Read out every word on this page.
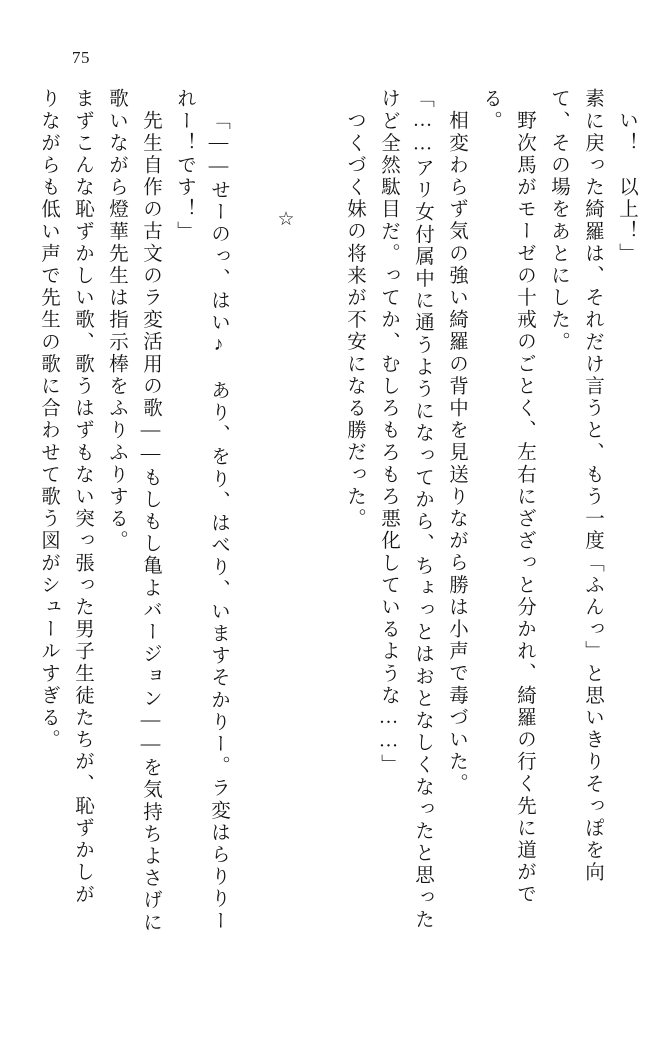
75
い！　以上！」
素に戻った綺羅は、それだけ言うと、もう一度「ふんっ」と思いきりそっぽを向
て、その場をあとにした。
野次馬がモーゼの十戒のごとく、左右にざざっと分かれ、綺羅の行く先に道がで
る。
相変わらず気の強い綺羅の背中を見送りながら勝は小声で毒づいた。
「……アリ女付属中に通うようになってから、ちょっとはおとなしくなったと思った
けど全然駄目だ。ってか、むしろもろもろ悪化しているような……」
つくづく妹の将来が不安になる勝だった。
☆
「――せーのっ、はい♪　あり、をり、はべり、いますそかりー。ラ変はらりりー
れー！です！」
先生自作の古文のラ変活用の歌――もしもし亀よバージョン――を気持ちよさげに
歌いながら燈華先生は指示棒をふりふりする。
まずこんな恥ずかしい歌、歌うはずもない突っ張った男子生徒たちが、恥ずかしが
りながらも低い声で先生の歌に合わせて歌う図がシュールすぎる。
